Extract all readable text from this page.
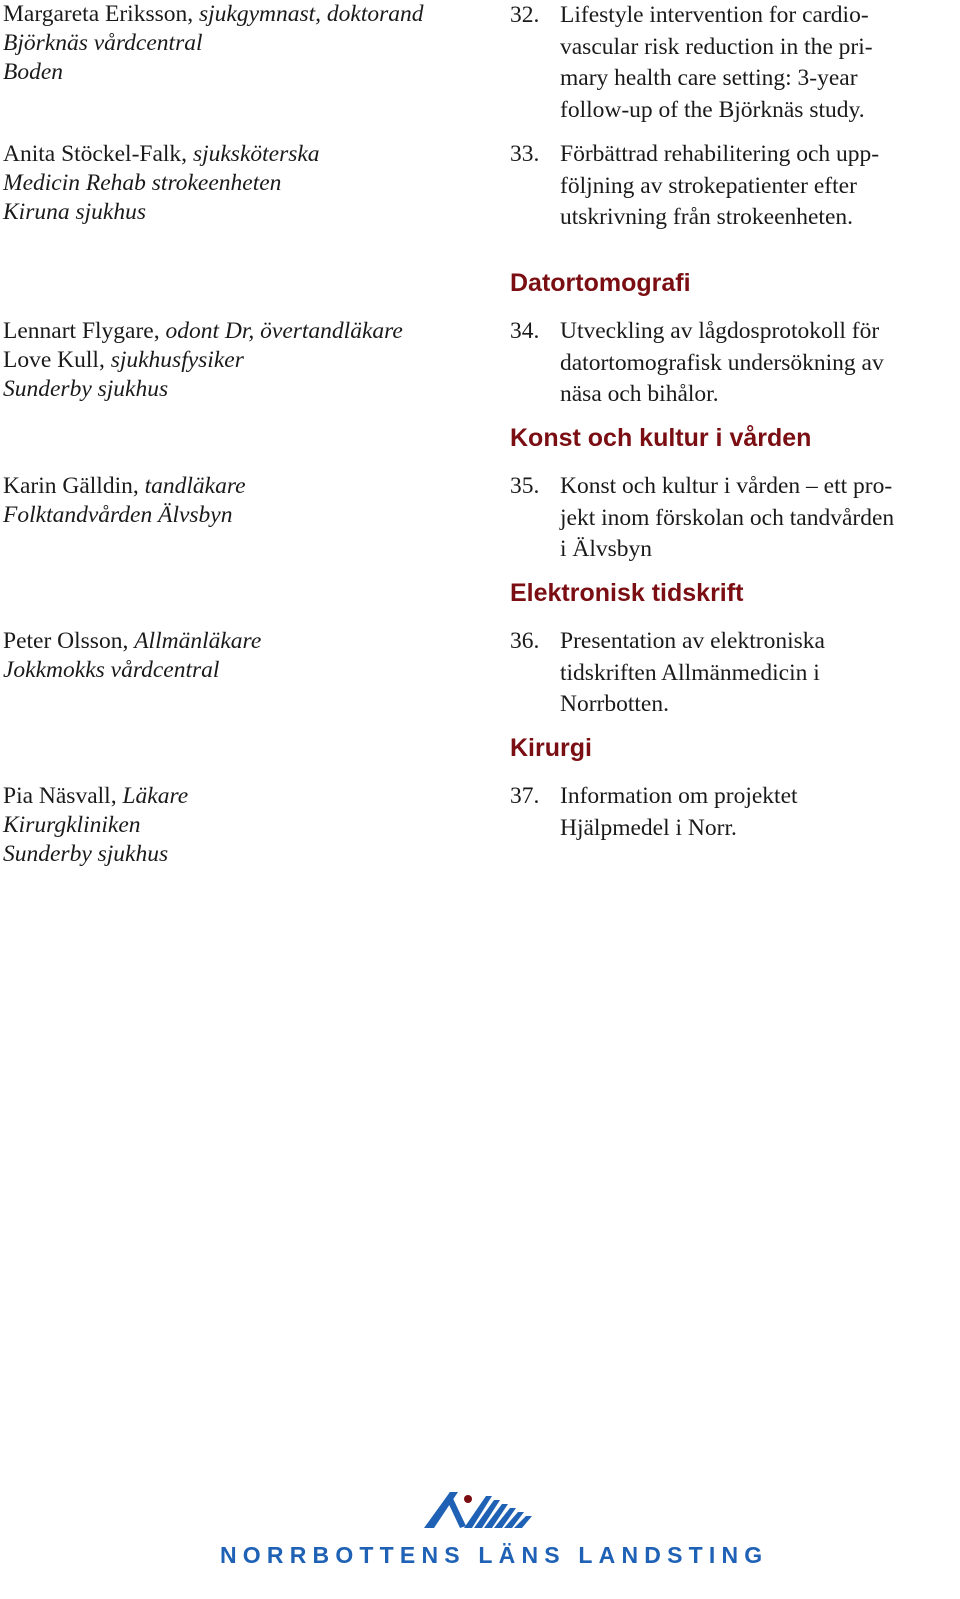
Margareta Eriksson, sjukgymnast, doktorand
Björknäs vårdcentral
Boden
Anita Stöckel-Falk, sjuksköterska
Medicin Rehab strokeenheten
Kiruna sjukhus
Lennart Flygare, odont Dr, övertandläkare
Love Kull, sjukhusfysiker
Sunderby sjukhus
Karin Gälldin, tandläkare
Folktandvården Älvsbyn
Peter Olsson, Allmänläkare
Jokkmokks vårdcentral
Pia Näsvall, Läkare
Kirurgkliniken
Sunderby sjukhus
32. Lifestyle intervention for cardio-
vascular risk reduction in the pri-
mary health care setting: 3-year
follow-up of the Björknäs study.
33. Förbättrad rehabilitering och upp-
följning av strokepatienter efter
utskrivning från strokeenheten.
Datortomografi
34. Utveckling av lågdosprotokoll för
datortomografisk undersökning av
näsa och bihålor.
Konst och kultur i vården
35. Konst och kultur i vården – ett pro-
jekt inom förskolan och tandvården
i Älvsbyn
Elektronisk tidskrift
36. Presentation av elektroniska
tidskriften Allmänmedicin i
Norrbotten.
Kirurgi
37. Information om projektet
Hjälpmedel i Norr.
NORRBOTTENS LÄNS LANDSTING
